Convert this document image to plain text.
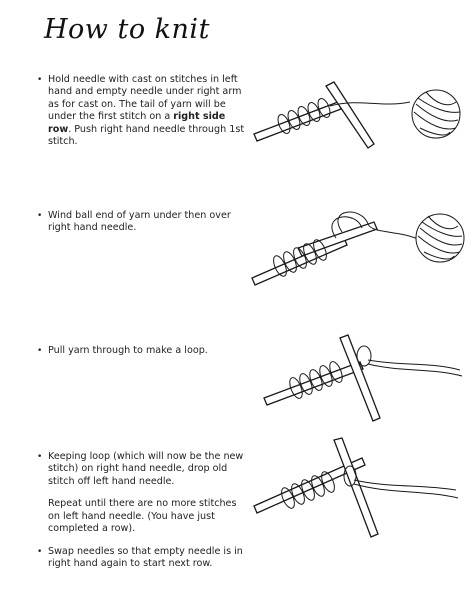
How to knit
• Hold needle with cast on stitches in left hand and empty needle under right arm as for cast on. The tail of yarn will be under the first stitch on a right side row. Push right hand needle through 1st stitch.
• Wind ball end of yarn under then over right hand needle.
• Pull yarn through to make a loop.
• Keeping loop (which will now be the new stitch) on right hand needle, drop old stitch off left hand needle.
Repeat until there are no more stitches on left hand needle. (You have just completed a row).
• Swap needles so that empty needle is in right hand again to start next row.
